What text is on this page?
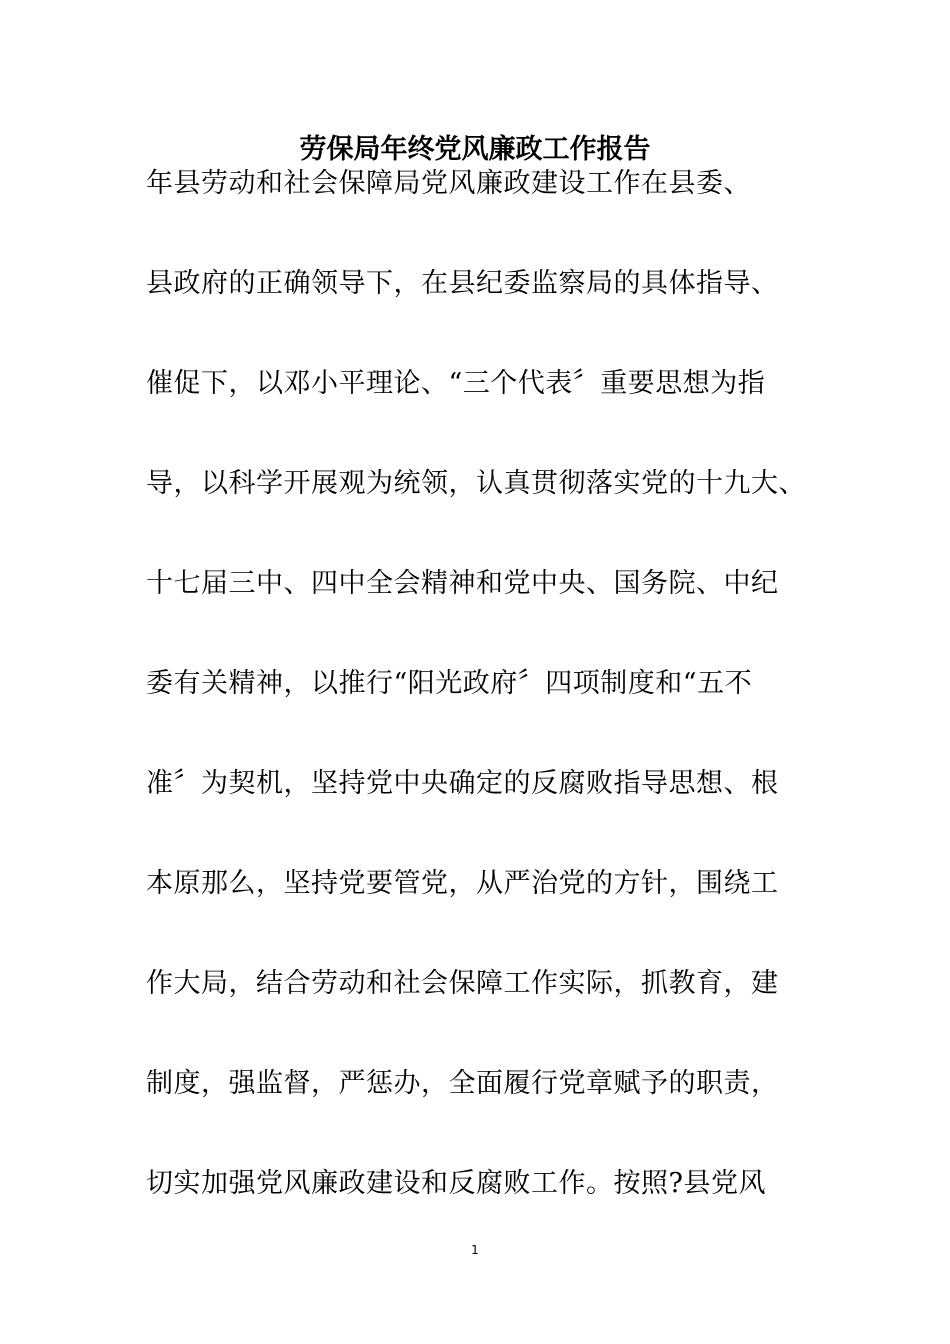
劳保局年终党风廉政工作报告
年县劳动和社会保障局党风廉政建设工作在县委、
县政府的正确领导下，在县纪委监察局的具体指导、
催促下，以邓小平理论、“三个代表〞重要思想为指
导，以科学开展观为统领，认真贯彻落实党的十九大、
十七届三中、四中全会精神和党中央、国务院、中纪
委有关精神，以推行“阳光政府〞四项制度和“五不
准〞为契机，坚持党中央确定的反腐败指导思想、根
本原那么，坚持党要管党，从严治党的方针，围绕工
作大局，结合劳动和社会保障工作实际，抓教育，建
制度，强监督，严惩办，全面履行党章赋予的职责，
切实加强党风廉政建设和反腐败工作。按照?县党风
1
